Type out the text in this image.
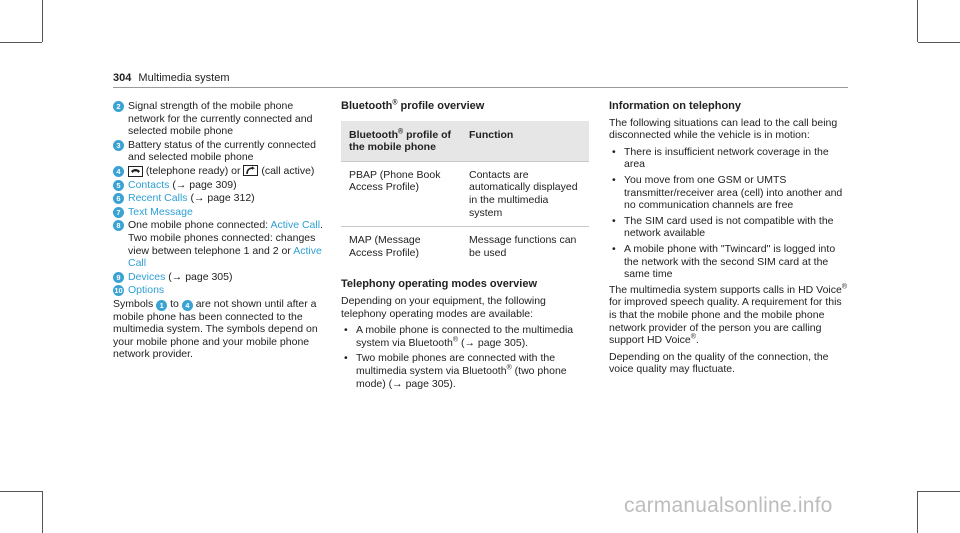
304 Multimedia system
2 Signal strength of the mobile phone network for the currently connected and selected mobile phone
3 Battery status of the currently connected and selected mobile phone
4	(telephone ready) or  (call active)
5 Contacts (→ page 309)
6 Recent Calls (→ page 312)
7 Text Message
8 One mobile phone connected: Active Call.
Two mobile phones connected: changes view between telephone 1 and 2 or Active Call
9 Devices (→ page 305)
10 Options
Symbols 1 to 4 are not shown until after a mobile phone has been connected to the multimedia system. The symbols depend on your mobile phone and your mobile phone network provider.
Bluetooth® profile overview
Bluetooth® profile of the mobile phone	Function
PBAP (Phone Book Access Profile)	Contacts are automatically displayed in the multimedia system
MAP (Message Access Profile)	Message functions can be used
Telephony operating modes overview
Depending on your equipment, the following telephony operating modes are available:
• A mobile phone is connected to the multimedia system via Bluetooth® (→ page 305).
• Two mobile phones are connected with the multimedia system via Bluetooth® (two phone mode) (→ page 305).
Information on telephony
The following situations can lead to the call being disconnected while the vehicle is in motion:
• There is insufficient network coverage in the area
• You move from one GSM or UMTS transmitter/receiver area (cell) into another and no communication channels are free
• The SIM card used is not compatible with the network available
• A mobile phone with "Twincard" is logged into the network with the second SIM card at the same time
The multimedia system supports calls in HD Voice® for improved speech quality. A requirement for this is that the mobile phone and the mobile phone network provider of the person you are calling support HD Voice®.
Depending on the quality of the connection, the voice quality may fluctuate.
carmanualsonline.info
